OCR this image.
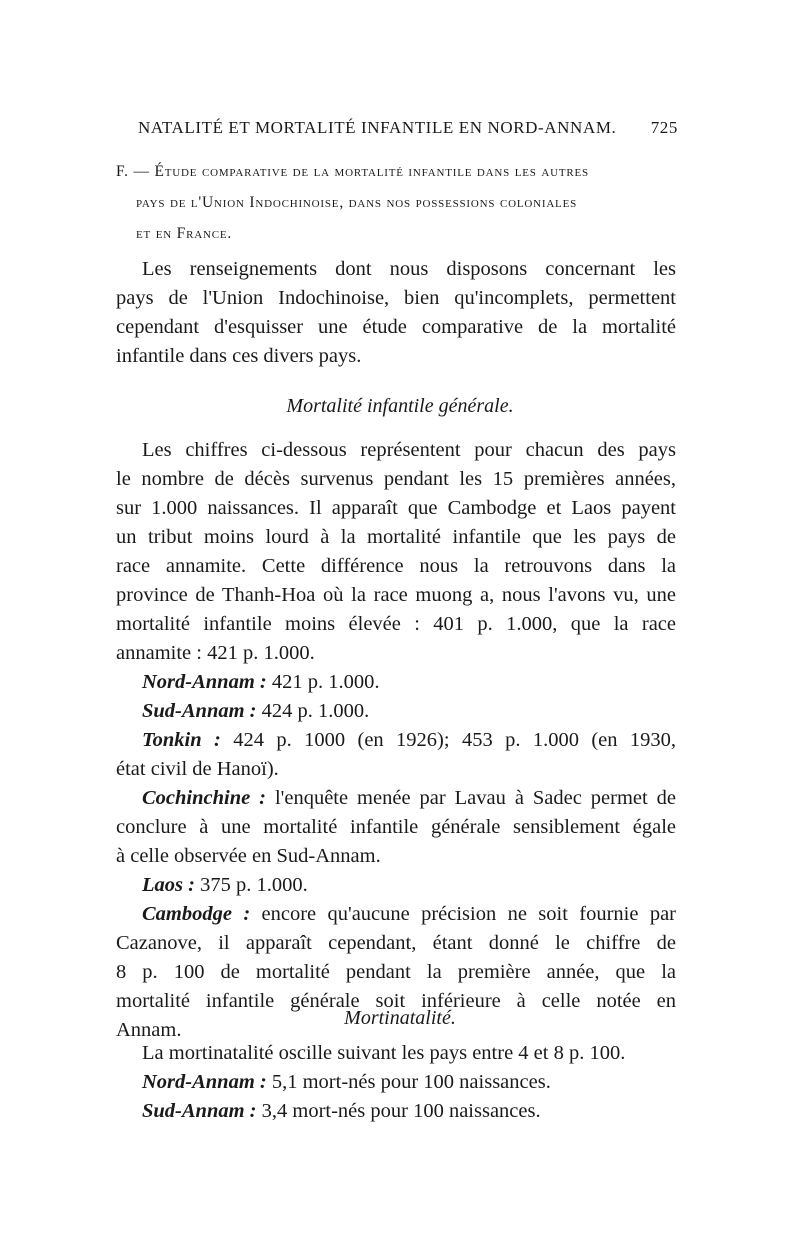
NATALITÉ ET MORTALITÉ INFANTILE EN NORD-ANNAM. 725
F. — Étude comparative de la mortalité infantile dans les autres
pays de l'Union Indochinoise, dans nos possessions coloniales
et en France.
Les renseignements dont nous disposons concernant les
pays de l'Union Indochinoise, bien qu'incomplets, permettent
cependant d'esquisser une étude comparative de la mortalité
infantile dans ces divers pays.
Mortalité infantile générale.
Les chiffres ci-dessous représentent pour chacun des pays
le nombre de décès survenus pendant les 15 premières années,
sur 1.000 naissances. Il apparaît que Cambodge et Laos payent
un tribut moins lourd à la mortalité infantile que les pays de
race annamite. Cette différence nous la retrouvons dans la
province de Thanh-Hoa où la race muong a, nous l'avons vu, une
mortalité infantile moins élevée : 401 p. 1.000, que la race
annamite : 421 p. 1.000.
Nord-Annam : 421 p. 1.000.
Sud-Annam : 424 p. 1.000.
Tonkin : 424 p. 1000 (en 1926); 453 p. 1.000 (en 1930,
état civil de Hanoï).
Cochinchine : l'enquête menée par Lavau à Sadec permet de
conclure à une mortalité infantile générale sensiblement égale
à celle observée en Sud-Annam.
Laos : 375 p. 1.000.
Cambodge : encore qu'aucune précision ne soit fournie par
Cazanove, il apparaît cependant, étant donné le chiffre de
8 p. 100 de mortalité pendant la première année, que la
mortalité infantile générale soit inférieure à celle notée en
Annam.
Mortinatalité.
La mortinatalité oscille suivant les pays entre 4 et 8 p. 100.
Nord-Annam : 5,1 mort-nés pour 100 naissances.
Sud-Annam : 3,4 mort-nés pour 100 naissances.
